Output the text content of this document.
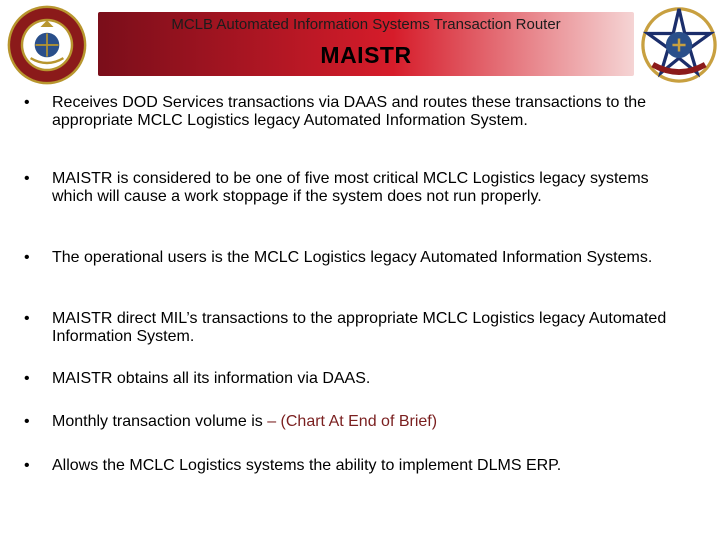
MCLB Automated Information Systems Transaction Router
MAISTR
• Receives DOD Services transactions via DAAS and routes these transactions to the appropriate MCLC Logistics legacy Automated Information System.
• MAISTR is considered to be one of five most critical MCLC Logistics legacy systems which will cause a work stoppage if the system does not run properly.
• The operational users is the MCLC Logistics legacy Automated Information Systems.
• MAISTR direct MIL’s transactions to the appropriate MCLC Logistics legacy Automated Information System.
• MAISTR obtains all its information via DAAS.
• Monthly transaction volume is – (Chart At End of Brief)
• Allows the MCLC Logistics systems the ability to implement DLMS ERP.
